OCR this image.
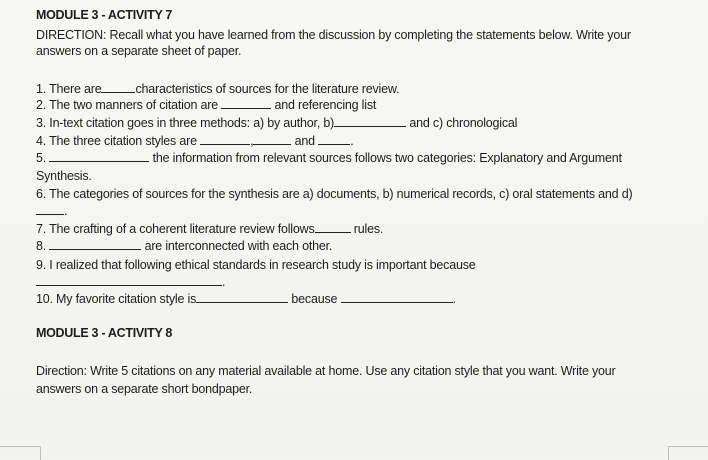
MODULE 3 - ACTIVITY 7
DIRECTION: Recall what you have learned from the discussion by completing the statements below. Write your
answers on a separate sheet of paper.
1. There are	characteristics of sources for the literature review.
2. The two manners of citation are	and referencing list
3. In-text citation goes in three methods: a) by author, b)	and c) chronological
4. The three citation styles are	,	and	.
5.	the information from relevant sources follows two categories: Explanatory and Argument
Synthesis.
6. The categories of sources for the synthesis are a) documents, b) numerical records, c) oral statements and d)
.
7. The crafting of a coherent literature review follows	rules.
8.	are interconnected with each other.
9. I realized that following ethical standards in research study is important because
.
10. My favorite citation style is	because	.
MODULE 3 - ACTIVITY 8
Direction: Write 5 citations on any material available at home. Use any citation style that you want. Write your
answers on a separate short bondpaper.
